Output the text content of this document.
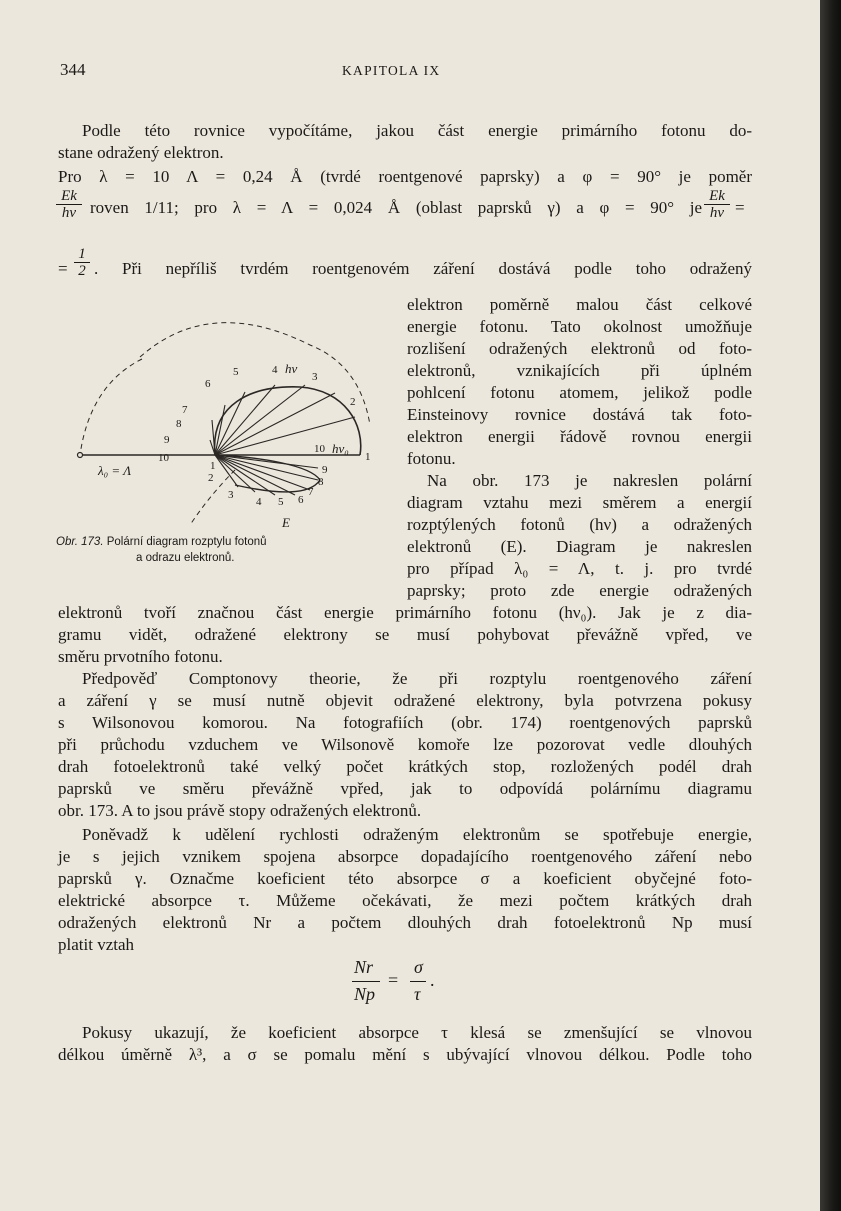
344	KAPITOLA IX
Podle této rovnice vypočítáme, jakou část energie primárního fotonu do-
stane odražený elektron.
Pro λ = 10 Λ = 0,24 Å (tvrdé roentgenové paprsky) a φ = 90° je poměr
$\frac{Ek}{h\nu}$ roven 1/11; pro λ = Λ = 0,024 Å (oblast paprsků γ) a φ = 90° je $\frac{Ek}{h\nu}$ =
= $\frac{1}{2}$ . Při nepříliš tvrdém roentgenovém záření dostává podle toho odražený
elektron poměrně malou část celkové
energie fotonu. Tato okolnost umožňuje
rozlišení odražených elektronů od foto-
elektronů, vznikajících při úplném
pohlcení fotonu atomem, jelikož podle
Einsteinovy rovnice dostává tak foto-
elektron energii řádově rovnou energii
fotonu.
Na obr. 173 je nakreslen polární
diagram vztahu mezi směrem a energií
rozptýlených fotonů (hν) a odražených
elektronů (E). Diagram je nakreslen
pro případ λ₀ = Λ, t. j. pro tvrdé
paprsky; proto zde energie odražených
1
2
3
4
5
6
7
8
9
10
1
2
3
4 5 6
7
8
9
10
hν
hν₀
λ₀ = Λ
E
Obr. 173. Polární diagram rozptylu fotonů
a odrazu elektronů.
elektronů tvoří značnou část energie primárního fotonu (hν₀). Jak je z dia-
gramu vidět, odražené elektrony se musí pohybovat převážně vpřed, ve
směru prvotního fotonu.
Předpověď Comptonovy theorie, že při rozptylu roentgenového záření
a záření γ se musí nutně objevit odražené elektrony, byla potvrzena pokusy
s Wilsonovou komorou. Na fotografiích (obr. 174) roentgenových paprsků
při průchodu vzduchem ve Wilsonově komoře lze pozorovat vedle dlouhých
drah fotoelektronů také velký počet krátkých stop, rozložených podél drah
paprsků ve směru převážně vpřed, jak to odpovídá polárnímu diagramu
obr. 173. A to jsou právě stopy odražených elektronů.
Poněvadž k udělení rychlosti odraženým elektronům se spotřebuje energie,
je s jejich vznikem spojena absorpce dopadajícího roentgenového záření nebo
paprsků γ. Označme koeficient této absorpce σ a koeficient obyčejné foto-
elektrické absorpce τ. Můžeme očekávati, že mezi počtem krátkých drah
odražených elektronů Nr a počtem dlouhých drah fotoelektronů Np musí
platit vztah
Nr
Np
=
σ
τ
.
Pokusy ukazují, že koeficient absorpce τ klesá se zmenšující se vlnovou
délkou úměrně λ³, a σ se pomalu mění s ubývající vlnovou délkou. Podle toho
